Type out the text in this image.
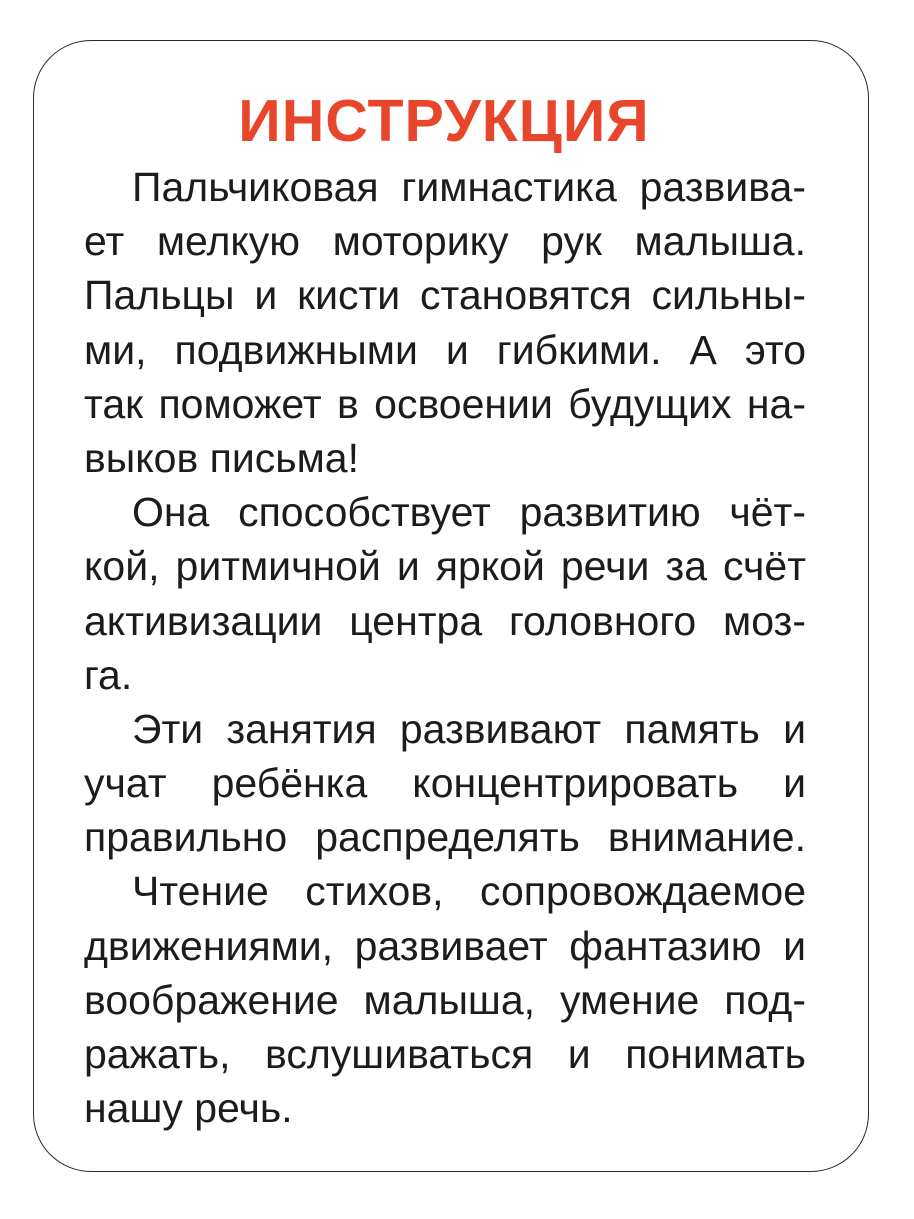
ИНСТРУКЦИЯ

Пальчиковая гимнастика развива-
ет мелкую моторику рук малыша.
Пальцы и кисти становятся сильны-
ми, подвижными и гибкими. А это
так поможет в освоении будущих на-
выков письма!

Она способствует развитию чёт-
кой, ритмичной и яркой речи за счёт
активизации центра головного моз-
га.

Эти занятия развивают память и
учат ребёнка концентрировать и
правильно распределять внимание.

Чтение стихов, сопровождаемое
движениями, развивает фантазию и
воображение малыша, умение под-
ражать, вслушиваться и понимать
нашу речь.
